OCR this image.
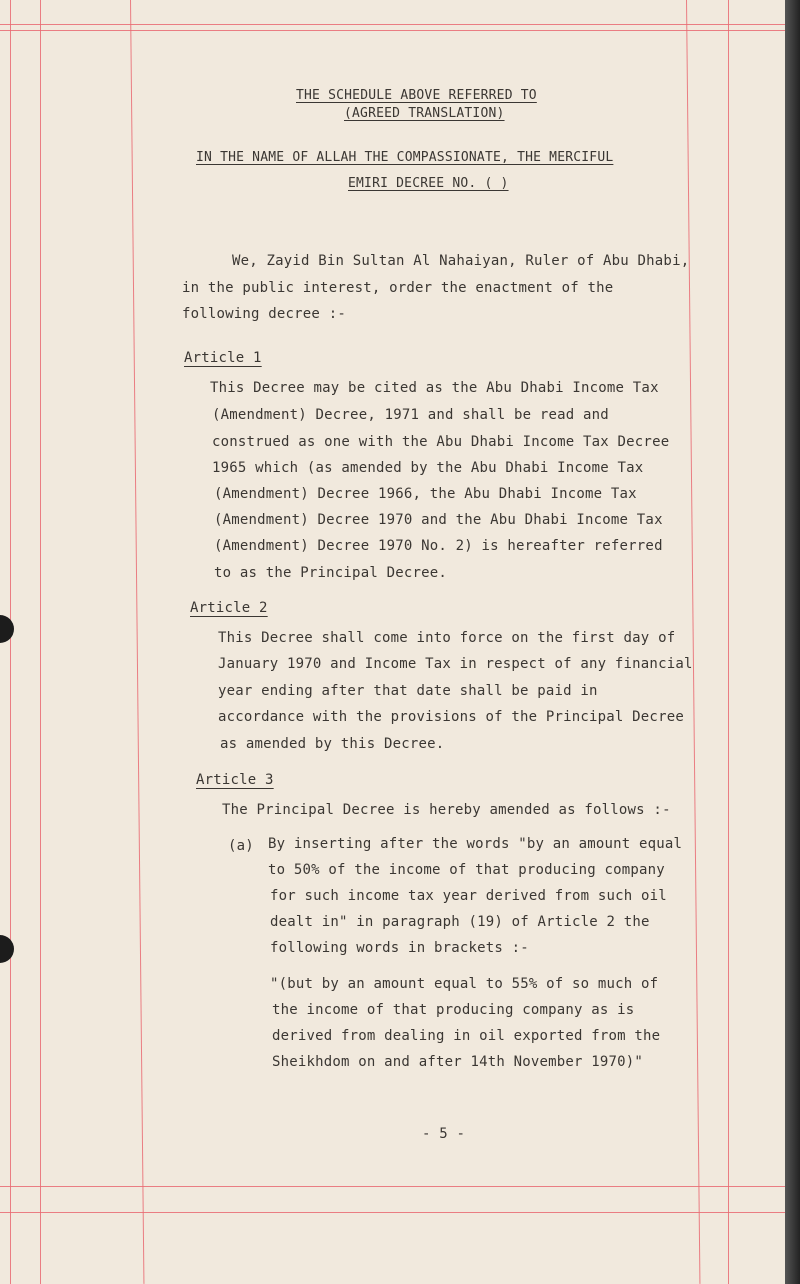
THE SCHEDULE ABOVE REFERRED TO
(AGREED TRANSLATION)
IN THE NAME OF ALLAH THE COMPASSIONATE, THE MERCIFUL
EMIRI DECREE NO. ( )
We, Zayid Bin Sultan Al Nahaiyan, Ruler of Abu Dhabi,
in the public interest, order the enactment of the
following decree :-
Article 1
This Decree may be cited as the Abu Dhabi Income Tax
(Amendment) Decree, 1971 and shall be read and
construed as one with the Abu Dhabi Income Tax Decree
1965 which (as amended by the Abu Dhabi Income Tax
(Amendment) Decree 1966, the Abu Dhabi Income Tax
(Amendment) Decree 1970 and the Abu Dhabi Income Tax
(Amendment) Decree 1970 No. 2) is hereafter referred
to as the Principal Decree.
Article 2
This Decree shall come into force on the first day of
January 1970 and Income Tax in respect of any financial
year ending after that date shall be paid in
accordance with the provisions of the Principal Decree
as amended by this Decree.
Article 3
The Principal Decree is hereby amended as follows :-
(a) By inserting after the words "by an amount equal
to 50% of the income of that producing company
for such income tax year derived from such oil
dealt in" in paragraph (19) of Article 2 the
following words in brackets :-
"(but by an amount equal to 55% of so much of
the income of that producing company as is
derived from dealing in oil exported from the
Sheikhdom on and after 14th November 1970)"
- 5 -
